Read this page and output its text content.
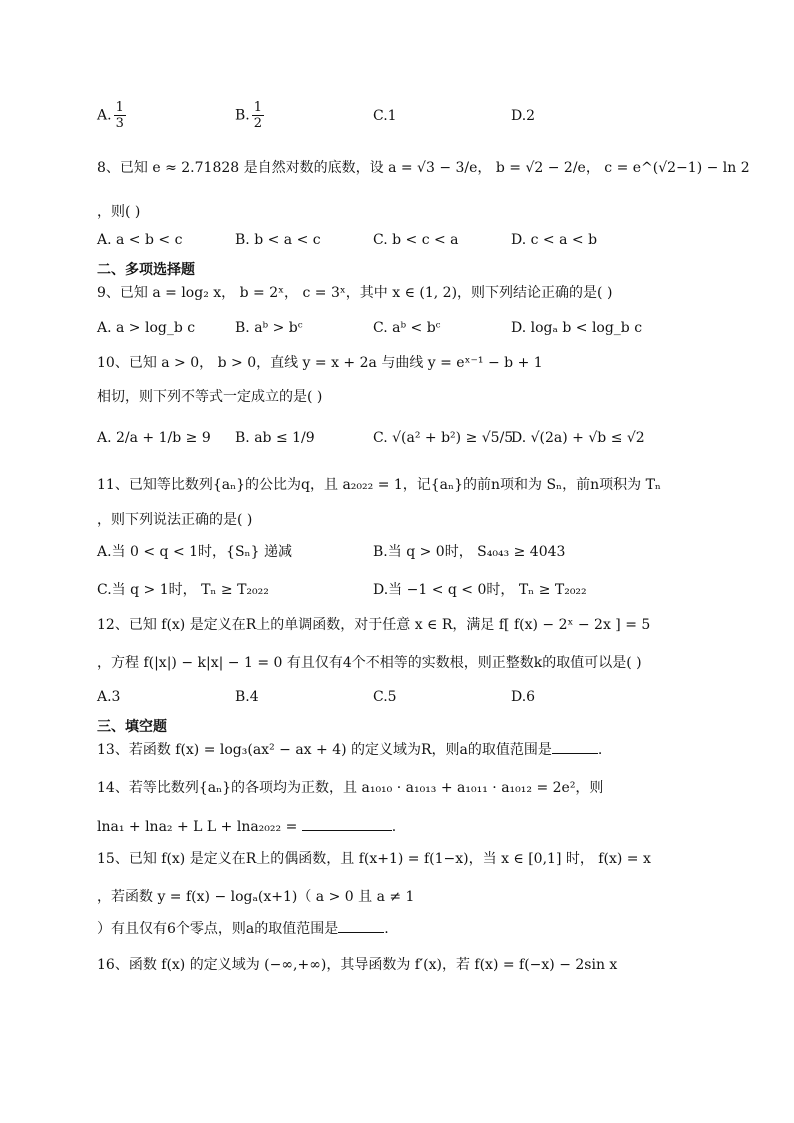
A. $\frac{1}{3}$	B. $\frac{1}{2}$	C.1	D.2
8、已知 e ≈ 2.71828 是自然对数的底数，设 a = √3 − 3/e， b = √2 − 2/e， c = e^(√2−1) − ln 2
，则( )
A. a < b < c	B. b < a < c	C. b < c < a	D. c < a < b
二、多项选择题
9、已知 a = log₂ x， b = 2ˣ， c = 3ˣ，其中 x ∈ (1, 2)，则下列结论正确的是( )
A. a > log_b c	B. aᵇ > bᶜ	C. aᵇ < bᶜ	D. logₐ b < log_b c
10、已知 a > 0， b > 0，直线 y = x + 2a 与曲线 y = eˣ⁻¹ − b + 1
相切，则下列不等式一定成立的是( )
A. 2/a + 1/b ≥ 9 B. ab ≤ 1/9	C. √(a² + b²) ≥ √5/5
D. √(2a) + √b ≤ √2
11、已知等比数列{aₙ}的公比为q，且 a₂₀₂₂ = 1，记{aₙ}的前n项和为 Sₙ，前n项积为 Tₙ
，则下列说法正确的是( )
A.当 0 < q < 1时，{Sₙ} 递减	B.当 q > 0时， S₄₀₄₃ ≥ 4043
C.当 q > 1时， Tₙ ≥ T₂₀₂₂	D.当 −1 < q < 0时， Tₙ ≥ T₂₀₂₂
12、已知 f(x) 是定义在R上的单调函数，对于任意 x ∈ R，满足 f[ f(x) − 2ˣ − 2x ] = 5
，方程 f(|x|) − k|x| − 1 = 0 有且仅有4个不相等的实数根，则正整数k的取值可以是( )
A.3	B.4	C.5	D.6
三、填空题
13、若函数 f(x) = log₃(ax² − ax + 4) 的定义域为R，则a的取值范围是	.
14、若等比数列{aₙ}的各项均为正数，且 a₁₀₁₀ · a₁₀₁₃ + a₁₀₁₁ · a₁₀₁₂ = 2e²，则
lna₁ + lna₂ + L L + lna₂₀₂₂ =	.
15、已知 f(x) 是定义在R上的偶函数，且 f(x+1) = f(1−x)，当 x ∈ [0,1] 时， f(x) = x
，若函数 y = f(x) − logₐ(x+1)（ a > 0 且 a ≠ 1
）有且仅有6个零点，则a的取值范围是	.
16、函数 f(x) 的定义域为 (−∞,+∞)，其导函数为 f′(x)，若 f(x) = f(−x) − 2sin x
